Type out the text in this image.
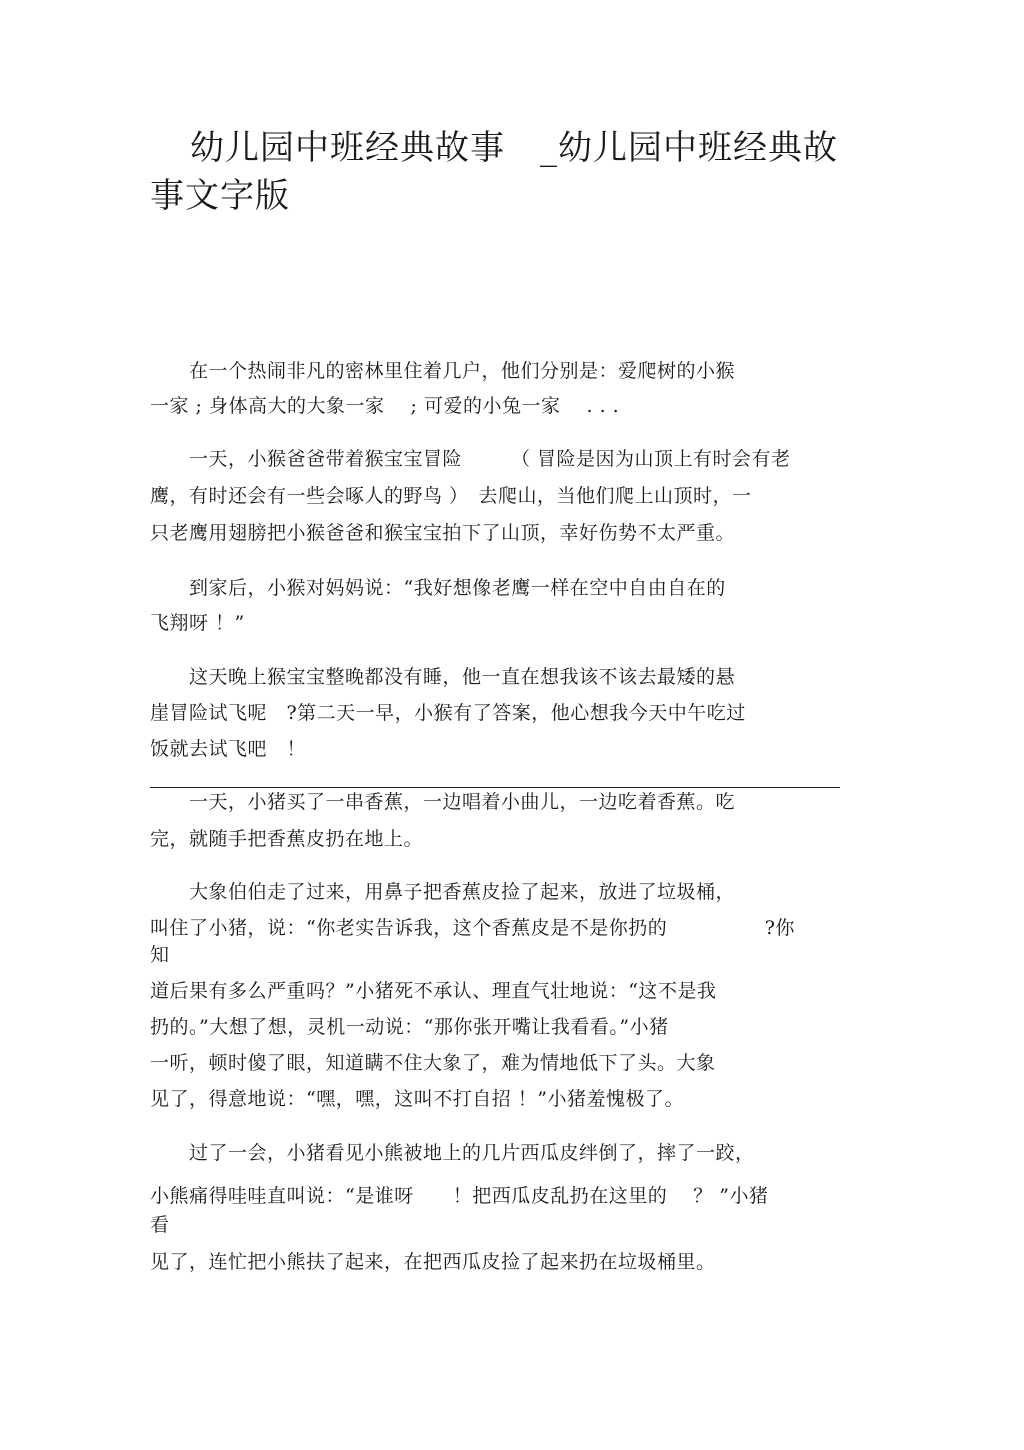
幼儿园中班经典故事　_幼儿园中班经典故
事文字版
　　在一个热闹非凡的密林里住着几户，他们分别是：爱爬树的小猴
一家 ; 身体高大的大象一家　 ; 可爱的小兔一家　 . . .
　　一天，小猴爸爸带着猴宝宝冒险　　　（ 冒险是因为山顶上有时会有老
鹰，有时还会有一些会啄人的野鸟 ）　去爬山，当他们爬上山顶时，一
只老鹰用翅膀把小猴爸爸和猴宝宝拍下了山顶，幸好伤势不太严重。
　　到家后，小猴对妈妈说：“我好想像老鹰一样在空中自由自在的
飞翔呀 ！”
　　这天晚上猴宝宝整晚都没有睡，他一直在想我该不该去最矮的悬
崖冒险试飞呢　?第二天一早，小猴有了答案，他心想我今天中午吃过
饭就去试飞吧　！
　　一天，小猪买了一串香蕉，一边唱着小曲儿，一边吃着香蕉。吃
完，就随手把香蕉皮扔在地上。
　　大象伯伯走了过来，用鼻子把香蕉皮捡了起来，放进了垃圾桶，
叫住了小猪，说：“你老实告诉我，这个香蕉皮是不是你扔的　　　　　?你
知
道后果有多么严重吗？”小猪死不承认、理直气壮地说：“这不是我
扔的。”大想了想，灵机一动说：“那你张开嘴让我看看。”小猪
一听，顿时傻了眼，知道瞒不住大象了，难为情地低下了头。大象
见了，得意地说：“嘿，嘿，这叫不打自招 ！”小猪羞愧极了。
　　过了一会，小猪看见小熊被地上的几片西瓜皮绊倒了，摔了一跤，
小熊痛得哇哇直叫说：“是谁呀　　！把西瓜皮乱扔在这里的　 ？ ”小猪
看
见了，连忙把小熊扶了起来，在把西瓜皮捡了起来扔在垃圾桶里。
